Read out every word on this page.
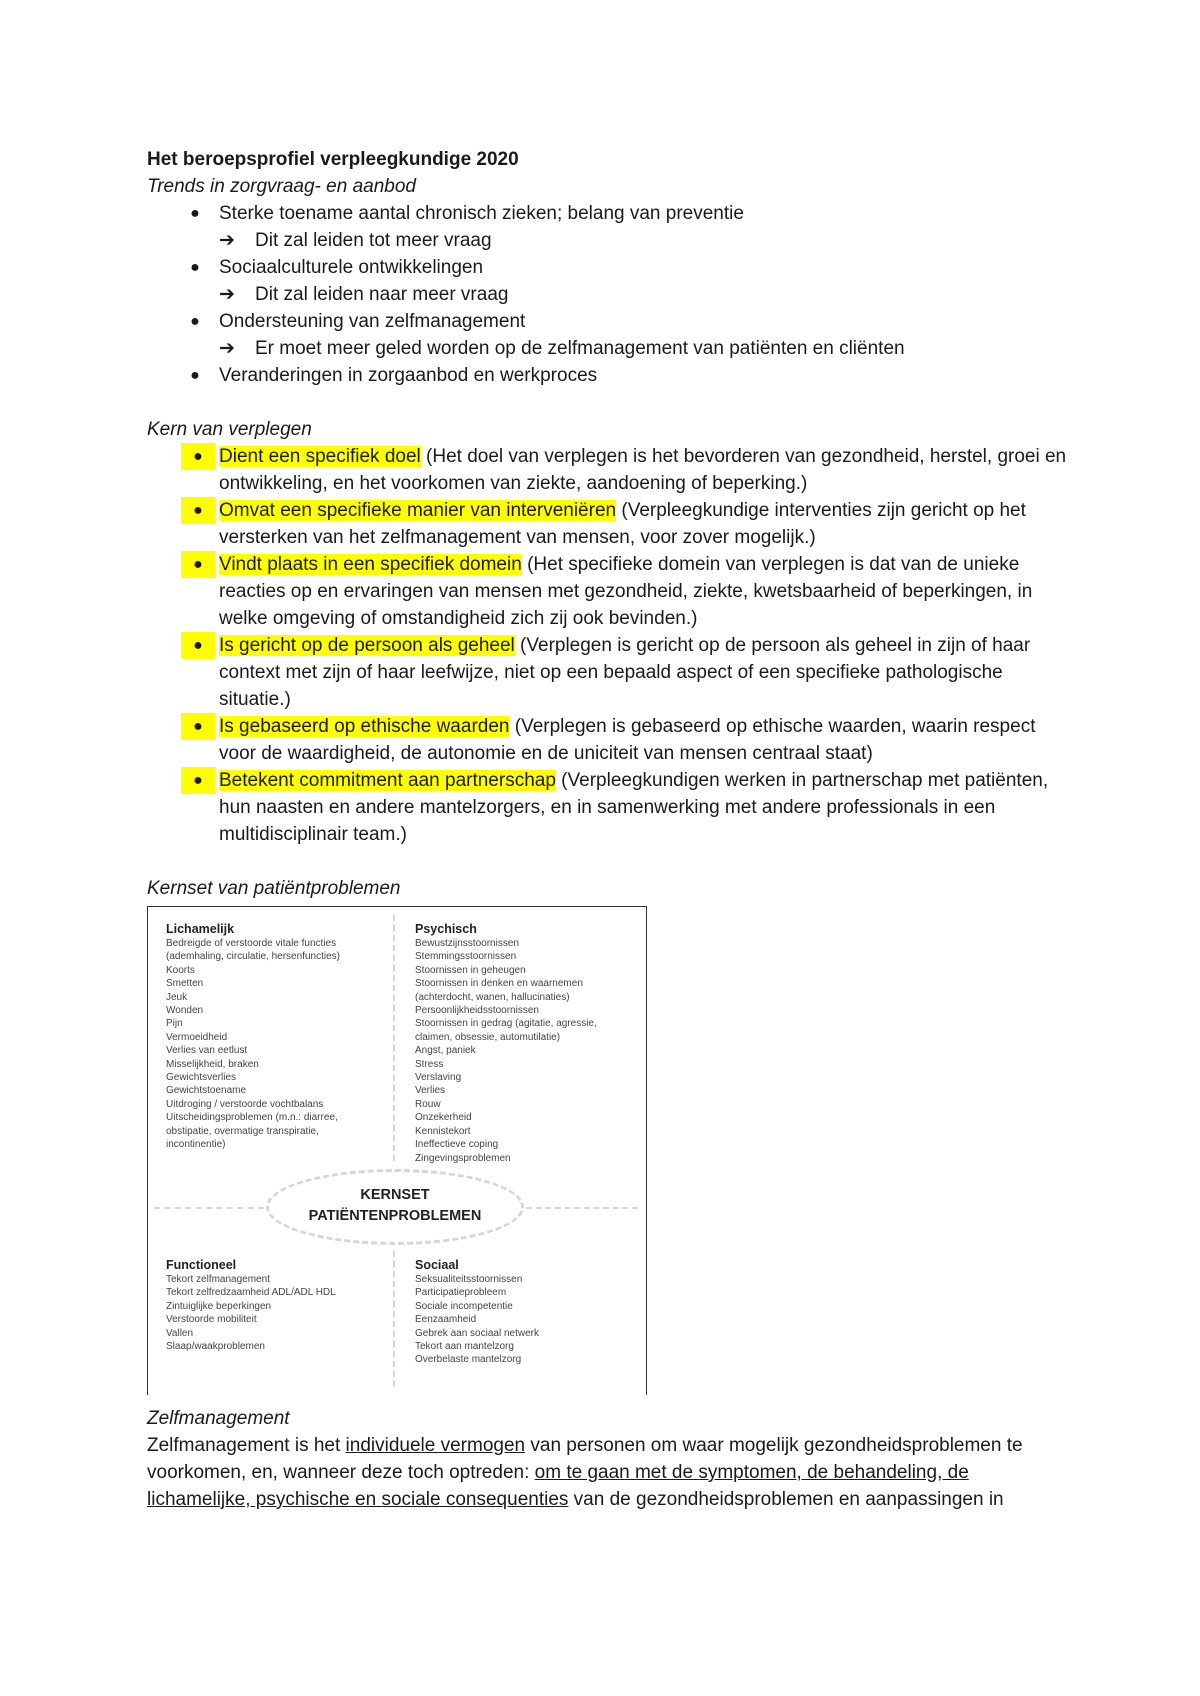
Het beroepsprofiel verpleegkundige 2020

Trends in zorgvraag- en aanbod

● Sterke toename aantal chronisch zieken; belang van preventie
➔ Dit zal leiden tot meer vraag
● Sociaalculturele ontwikkelingen
➔ Dit zal leiden naar meer vraag
● Ondersteuning van zelfmanagement
➔ Er moet meer geled worden op de zelfmanagement van patiënten en cliënten
● Veranderingen in zorgaanbod en werkproces

Kern van verplegen

● Dient een specifiek doel (Het doel van verplegen is het bevorderen van gezondheid, herstel, groei en ontwikkeling, en het voorkomen van ziekte, aandoening of beperking.)
● Omvat een specifieke manier van interveniëren (Verpleegkundige interventies zijn gericht op het versterken van het zelfmanagement van mensen, voor zover mogelijk.)
● Vindt plaats in een specifiek domein (Het specifieke domein van verplegen is dat van de unieke reacties op en ervaringen van mensen met gezondheid, ziekte, kwetsbaarheid of beperkingen, in welke omgeving of omstandigheid zich zij ook bevinden.)
● Is gericht op de persoon als geheel (Verplegen is gericht op de persoon als geheel in zijn of haar context met zijn of haar leefwijze, niet op een bepaald aspect of een specifieke pathologische situatie.)
● Is gebaseerd op ethische waarden (Verplegen is gebaseerd op ethische waarden, waarin respect voor de waardigheid, de autonomie en de uniciteit van mensen centraal staat)
● Betekent commitment aan partnerschap (Verpleegkundigen werken in partnerschap met patiënten, hun naasten en andere mantelzorgers, en in samenwerking met andere professionals in een multidisciplinair team.)

Kernset van patiëntproblemen

Lichamelijk
Bedreigde of verstoorde vitale functies
(ademhaling, circulatie, hersenfuncties)
Koorts
Smetten
Jeuk
Wonden
Pijn
Vermoeidheid
Verlies van eetlust
Misselijkheid, braken
Gewichtsverlies
Gewichtstoename
Uitdroging / verstoorde vochtbalans
Uitscheidingsproblemen (m.n.: diarree,
obstipatie, overmatige transpiratie,
incontinentie)
Psychisch
Bewustzijnsstoornissen
Stemmingsstoornissen
Stoornissen in geheugen
Stoornissen in denken en waarnemen
(achterdocht, wanen, hallucinaties)
Persoonlijkheidsstoornissen
Stoornissen in gedrag (agitatie, agressie,
claimen, obsessie, automutilatie)
Angst, paniek
Stress
Verslaving
Verlies
Rouw
Onzekerheid
Kennistekort
Ineffectieve coping
Zingevingsproblemen
KERNSET
PATIËNTENPROBLEMEN
Functioneel
Tekort zelfmanagement
Tekort zelfredzaamheid ADL/ADL HDL
Zintuiglijke beperkingen
Verstoorde mobiliteit
Vallen
Slaap/waakproblemen
Sociaal
Seksualiteitsstoornissen
Participatieprobleem
Sociale incompetentie
Eenzaamheid
Gebrek aan sociaal netwerk
Tekort aan mantelzorg
Overbelaste mantelzorg

Zelfmanagement

Zelfmanagement is het individuele vermogen van personen om waar mogelijk gezondheidsproblemen te voorkomen, en, wanneer deze toch optreden: om te gaan met de symptomen, de behandeling, de lichamelijke, psychische en sociale consequenties van de gezondheidsproblemen en aanpassingen in
